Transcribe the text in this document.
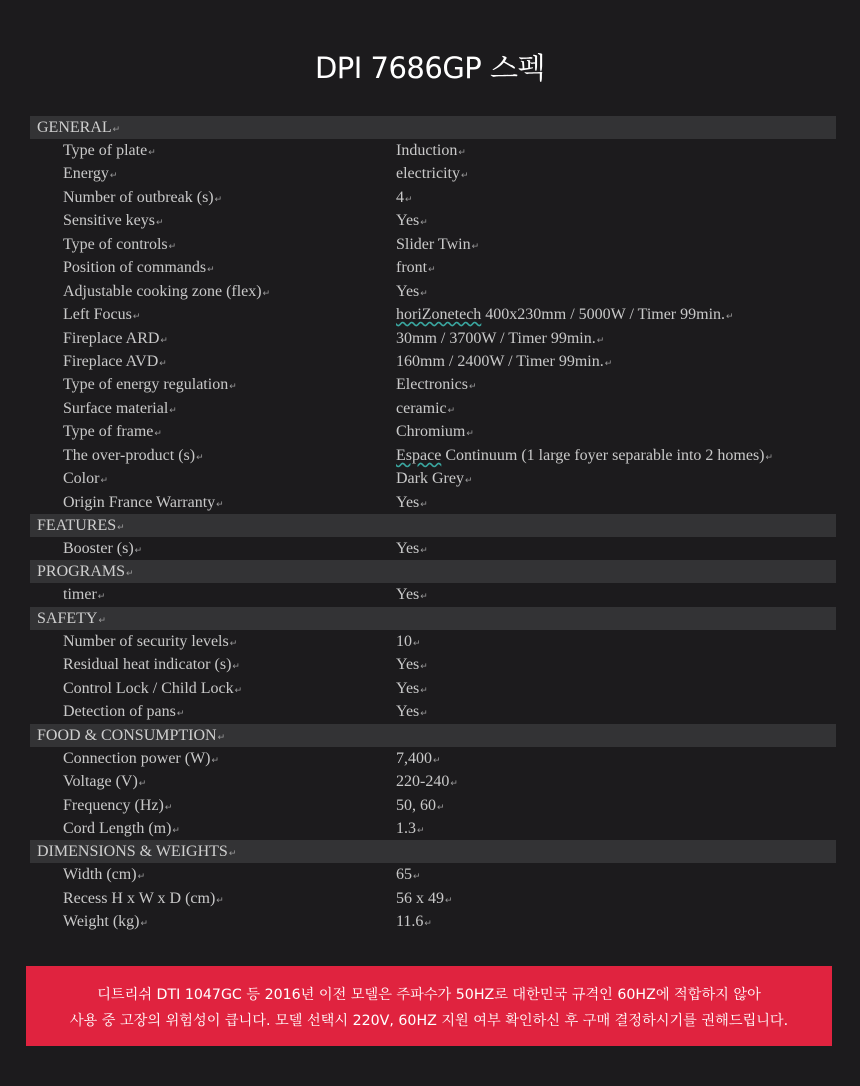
DPI 7686GP 스펙
GENERAL↵
Type of plate↵	Induction↵
Energy↵	electricity↵
Number of outbreak (s)↵	4↵
Sensitive keys↵	Yes↵
Type of controls↵	Slider Twin↵
Position of commands↵	front↵
Adjustable cooking zone (flex)↵	Yes↵
Left Focus↵	horiZonetech 400x230mm / 5000W / Timer 99min.↵
Fireplace ARD↵	30mm / 3700W / Timer 99min.↵
Fireplace AVD↵	160mm / 2400W / Timer 99min.↵
Type of energy regulation↵	Electronics↵
Surface material↵	ceramic↵
Type of frame↵	Chromium↵
The over-product (s)↵	Espace Continuum (1 large foyer separable into 2 homes)↵
Color↵	Dark Grey↵
Origin France Warranty↵	Yes↵
FEATURES↵
Booster (s)↵	Yes↵
PROGRAMS↵
timer↵	Yes↵
SAFETY↵
Number of security levels↵	10↵
Residual heat indicator (s)↵	Yes↵
Control Lock / Child Lock↵	Yes↵
Detection of pans↵	Yes↵
FOOD & CONSUMPTION↵
Connection power (W)↵	7,400↵
Voltage (V)↵	220-240↵
Frequency (Hz)↵	50, 60↵
Cord Length (m)↵	1.3↵
DIMENSIONS & WEIGHTS↵
Width (cm)↵	65↵
Recess H x W x D (cm)↵	56 x 49↵
Weight (kg)↵	11.6↵
디트리쉬 DTI 1047GC 등 2016년 이전 모델은 주파수가 50HZ로 대한민국 규격인 60HZ에 적합하지 않아
사용 중 고장의 위험성이 큽니다. 모델 선택시 220V, 60HZ 지원 여부 확인하신 후 구매 결정하시기를 권해드립니다.
